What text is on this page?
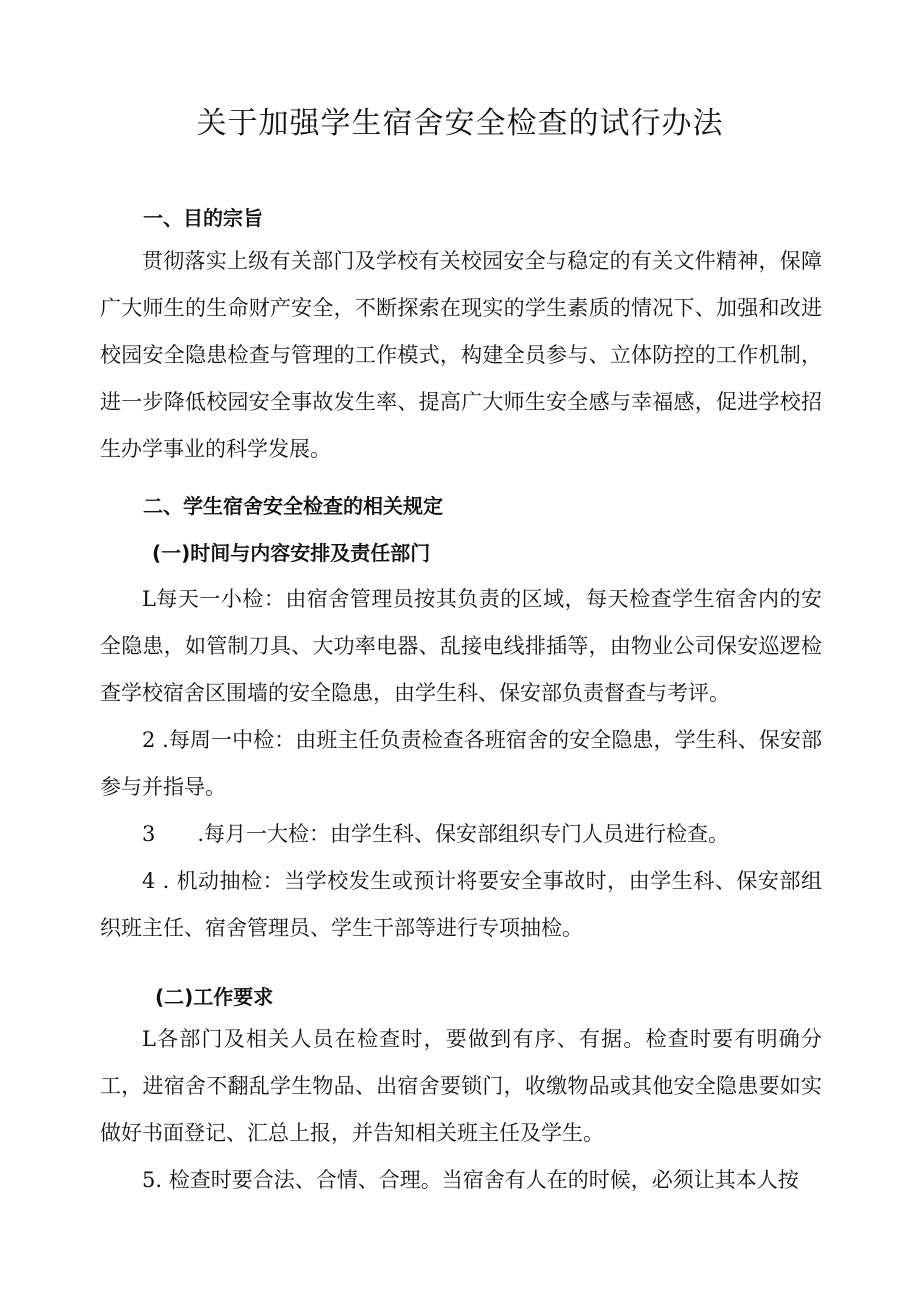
关于加强学生宿舍安全检查的试行办法
一、目的宗旨

贯彻落实上级有关部门及学校有关校园安全与稳定的有关文件精神，保障广大师生的生命财产安全，不断探索在现实的学生素质的情况下、加强和改进校园安全隐患检查与管理的工作模式，构建全员参与、立体防控的工作机制，进一步降低校园安全事故发生率、提高广大师生安全感与幸福感，促进学校招生办学事业的科学发展。

二、学生宿舍安全检查的相关规定
(一)时间与内容安排及责任部门

L每天一小检：由宿舍管理员按其负责的区域，每天检查学生宿舍内的安全隐患，如管制刀具、大功率电器、乱接电线排插等，由物业公司保安巡逻检查学校宿舍区围墙的安全隐患，由学生科、保安部负责督查与考评。

2 .每周一中检：由班主任负责检查各班宿舍的安全隐患，学生科、保安部参与并指导。

3　　.每月一大检：由学生科、保安部组织专门人员进行检查。

4 . 机动抽检：当学校发生或预计将要安全事故时，由学生科、保安部组织班主任、宿舍管理员、学生干部等进行专项抽检。

(二)工作要求

L各部门及相关人员在检查时，要做到有序、有据。检查时要有明确分工，进宿舍不翻乱学生物品、出宿舍要锁门，收缴物品或其他安全隐患要如实做好书面登记、汇总上报，并告知相关班主任及学生。

5. 检查时要合法、合情、合理。当宿舍有人在的时候，必须让其本人按
